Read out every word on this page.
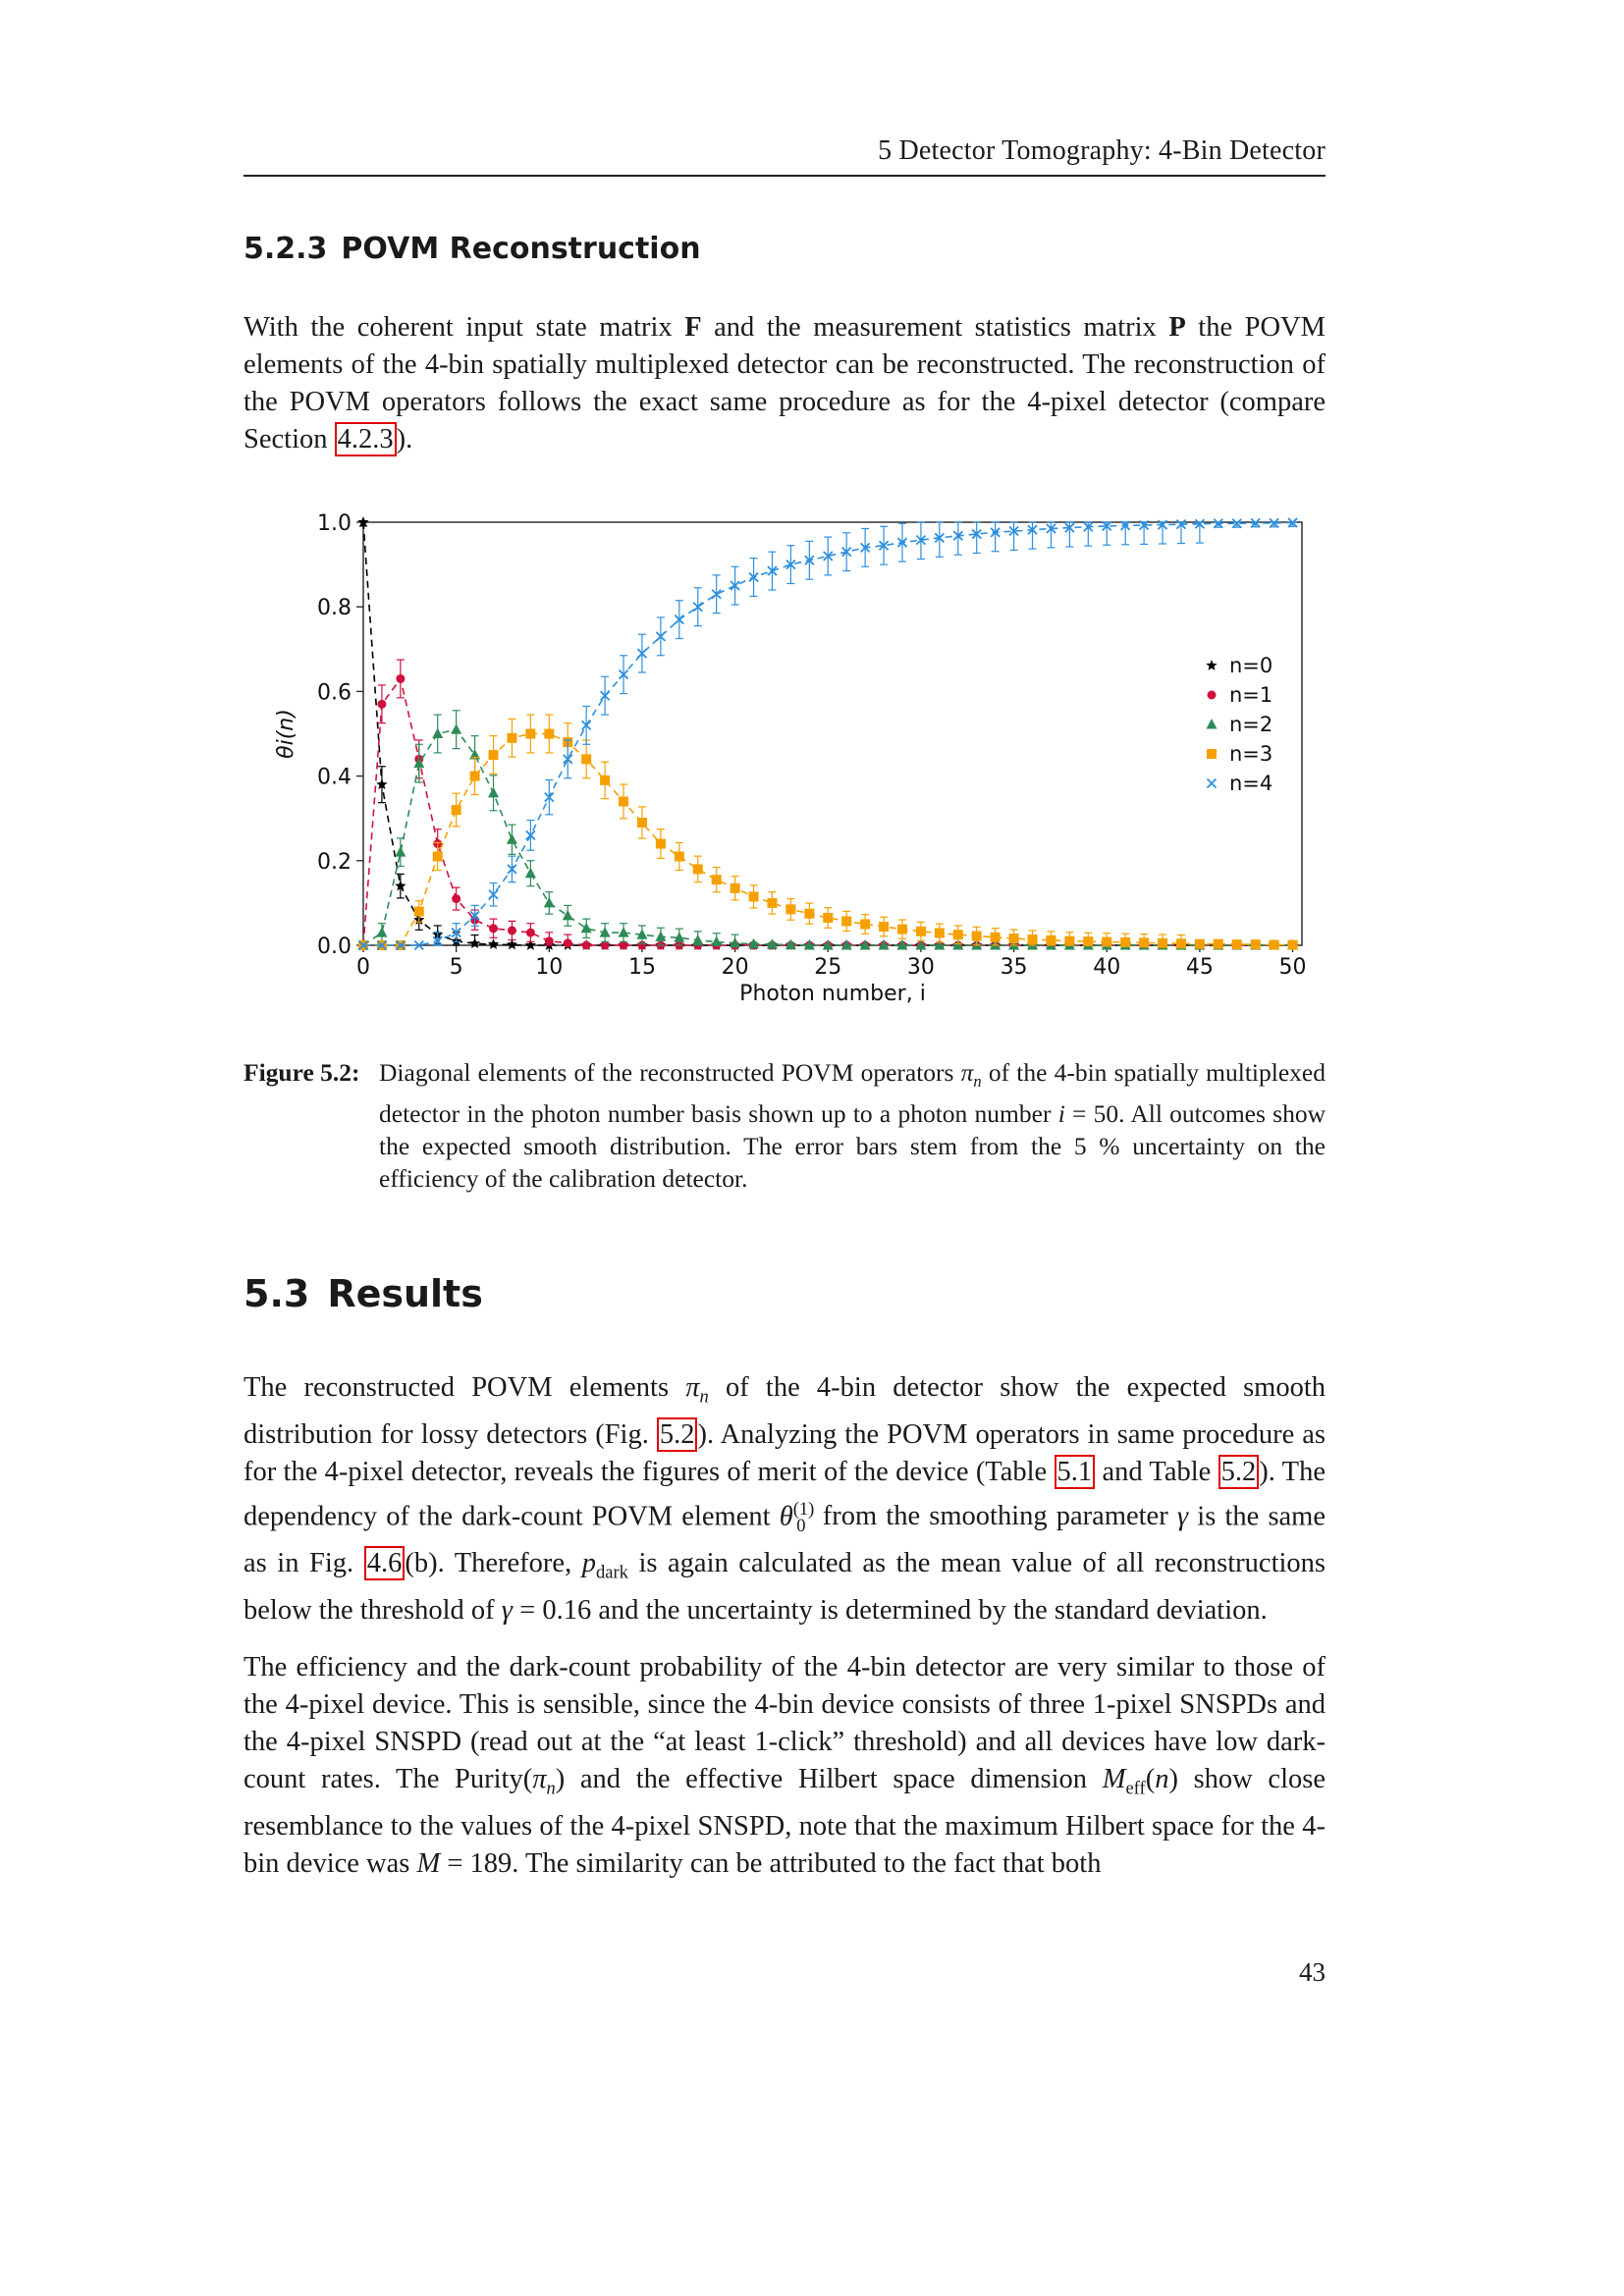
5 Detector Tomography: 4-Bin Detector
5.2.3 POVM Reconstruction
With the coherent input state matrix F and the measurement statistics matrix P the POVM elements of the 4-bin spatially multiplexed detector can be reconstructed. The reconstruction of the POVM operators follows the exact same procedure as for the 4-pixel detector (compare Section 4.2.3 ).
0	5	10	15	20	25	30	35	40	45	50
0.0
0.2
0.4
0.6
0.8
1.0
Photon number, i
θi(n)
n=0
n=1
n=2
n=3
n=4
Figure 5.2: Diagonal elements of the reconstructed POVM operators $\pi_n$ of the 4-bin spatially multiplexed detector in the photon number basis shown up to a photon number i = 50. All outcomes show the expected smooth distribution. The error bars stem from the 5 % uncertainty on the efficiency of the calibration detector.
5.3 Results
The reconstructed POVM elements $\pi_n$ of the 4-bin detector show the expected smooth distribution for lossy detectors (Fig. 5.2 ). Analyzing the POVM operators in same procedure as for the 4-pixel detector, reveals the figures of merit of the device (Table 5.1 and Table 5.2 ). The dependency of the dark-count POVM element $\theta^{(1)}_0$ from the smoothing parameter γ is the same as in Fig. 4.6 (b). Therefore, $p_{dark}$ is again calculated as the mean value of all reconstructions below the threshold of γ = 0.16 and the uncertainty is determined by the standard deviation.
The efficiency and the dark-count probability of the 4-bin detector are very similar to those of the 4-pixel device. This is sensible, since the 4-bin device consists of three 1-pixel SNSPDs and the 4-pixel SNSPD (read out at the “at least 1-click” threshold) and all devices have low dark-count rates. The $Purity(\pi_n)$ and the effective Hilbert space dimension $M_{eff}(n)$ show close resemblance to the values of the 4-pixel SNSPD, note that the maximum Hilbert space for the 4-bin device was M = 189. The similarity can be attributed to the fact that both
43
